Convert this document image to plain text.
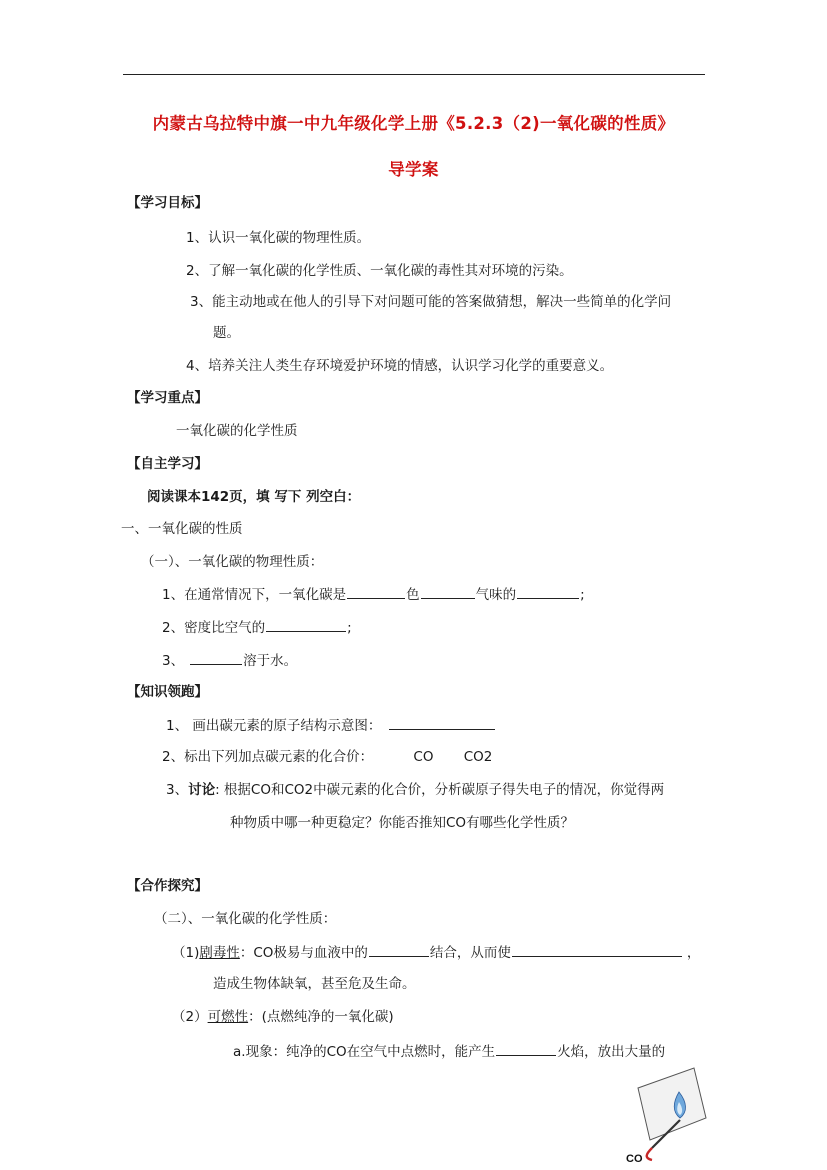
内蒙古乌拉特中旗一中九年级化学上册《5.2.3（2)一氧化碳的性质》
导学案
【学习目标】
1、认识一氧化碳的物理性质。
2、了解一氧化碳的化学性质、一氧化碳的毒性其对环境的污染。
3、能主动地或在他人的引导下对问题可能的答案做猜想，解决一些简单的化学问
题。
4、培养关注人类生存环境爱护环境的情感，认识学习化学的重要意义。
【学习重点】
一氧化碳的化学性质
【自主学习】
阅读课本142页，填 写下 列空白：
一、一氧化碳的性质
（一）、一氧化碳的物理性质：
1、在通常情况下，一氧化碳是	色	气味的	;
2、密度比空气的	;
3、	溶于水。
【知识领跑】
1、 画出碳元素的原子结构示意图：
2、标出下列加点碳元素的化合价：	CO CO2
3、讨论: 根据CO和CO2中碳元素的化合价，分析碳原子得失电子的情况，你觉得两
种物质中哪一种更稳定？你能否推知CO有哪些化学性质？
【合作探究】
（二）、一氧化碳的化学性质：
（1)剧毒性：CO极易与血液中的	结合，从而使	，
造成生物体缺氧，甚至危及生命。
（2）可燃性：(点燃纯净的一氧化碳)
a.现象：纯净的CO在空气中点燃时，能产生	火焰，放出大量的
CO
